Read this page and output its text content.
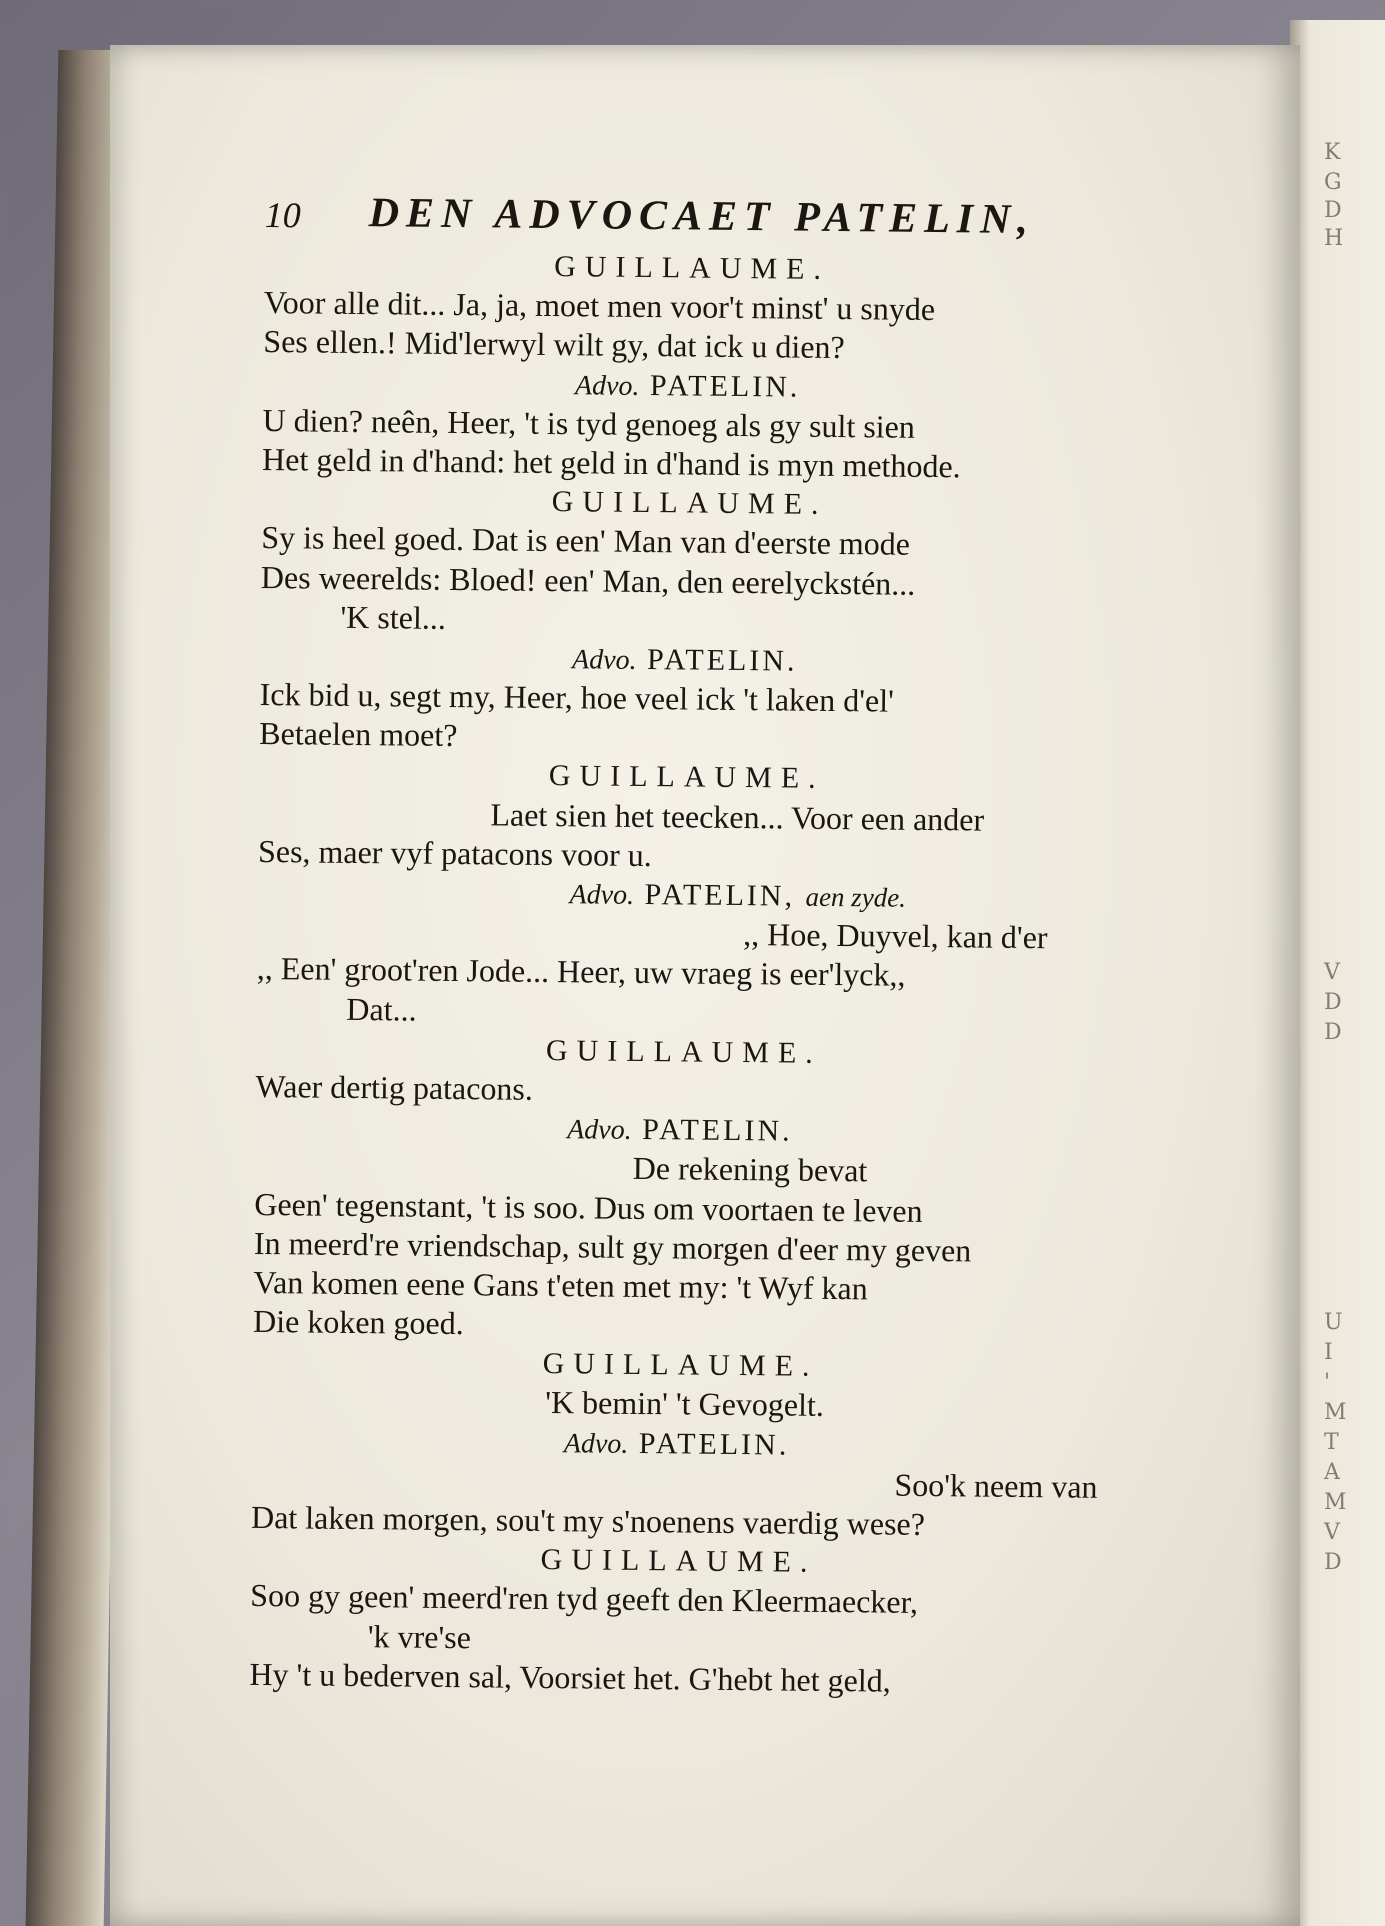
K
G
D
H
V
D
D
U
I
'
M
T
A
M
V
D
10 DEN ADVOCAET PATELIN,
GUILLAUME.
Voor alle dit... Ja, ja, moet men voor't minst' u snyde
Ses ellen.! Mid'lerwyl wilt gy, dat ick u dien?
Advo. PATELIN.
U dien? neên, Heer, 't is tyd genoeg als gy sult sien
Het geld in d'hand: het geld in d'hand is myn methode.
GUILLAUME.
Sy is heel goed. Dat is een' Man van d'eerste mode
Des weerelds: Bloed! een' Man, den eerelyckstén...
'K stel...
Advo. PATELIN.
Ick bid u, segt my, Heer, hoe veel ick 't laken d'el'
Betaelen moet?
GUILLAUME.
Laet sien het teecken... Voor een ander
Ses, maer vyf patacons voor u.
Advo. PATELIN, aen zyde.
,, Hoe, Duyvel, kan d'er
,, Een' groot'ren Jode... Heer, uw vraeg is eer'lyck,,
Dat...
GUILLAUME.
Waer dertig patacons.
Advo. PATELIN.
De rekening bevat
Geen' tegenstant, 't is soo. Dus om voortaen te leven
In meerd're vriendschap, sult gy morgen d'eer my geven
Van komen eene Gans t'eten met my: 't Wyf kan
Die koken goed.
GUILLAUME.
'K bemin' 't Gevogelt.
Advo. PATELIN.
Soo'k neem van
Dat laken morgen, sou't my s'noenens vaerdig wese?
GUILLAUME.
Soo gy geen' meerd'ren tyd geeft den Kleermaecker,
'k vre'se
Hy 't u bederven sal, Voorsiet het. G'hebt het geld,
